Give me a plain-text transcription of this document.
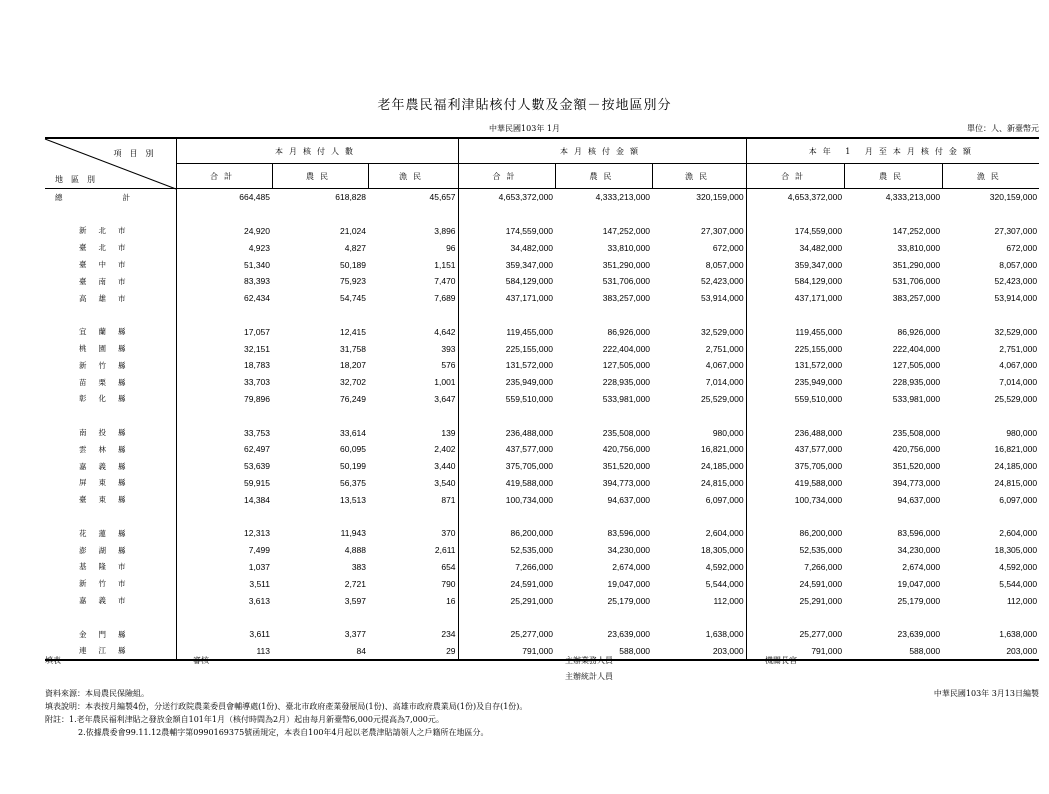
老年農民福利津貼核付人數及金額－按地區別分
中華民國103年 1月	單位：人、新臺幣元
項目別
地區別	本月核付人數			本月核付金額			本年 1 月至本月核付金額		
	合計	農民	漁民	合計	農民	漁民	合計	農民	漁民
總計	664,485	618,828	45,657	4,653,372,000	4,333,213,000	320,159,000	4,653,372,000	4,333,213,000	320,159,000

新北市	24,920	21,024	3,896	174,559,000	147,252,000	27,307,000	174,559,000	147,252,000	27,307,000
臺北市	4,923	4,827	96	34,482,000	33,810,000	672,000	34,482,000	33,810,000	672,000
臺中市	51,340	50,189	1,151	359,347,000	351,290,000	8,057,000	359,347,000	351,290,000	8,057,000
臺南市	83,393	75,923	7,470	584,129,000	531,706,000	52,423,000	584,129,000	531,706,000	52,423,000
高雄市	62,434	54,745	7,689	437,171,000	383,257,000	53,914,000	437,171,000	383,257,000	53,914,000

宜蘭縣	17,057	12,415	4,642	119,455,000	86,926,000	32,529,000	119,455,000	86,926,000	32,529,000
桃園縣	32,151	31,758	393	225,155,000	222,404,000	2,751,000	225,155,000	222,404,000	2,751,000
新竹縣	18,783	18,207	576	131,572,000	127,505,000	4,067,000	131,572,000	127,505,000	4,067,000
苗栗縣	33,703	32,702	1,001	235,949,000	228,935,000	7,014,000	235,949,000	228,935,000	7,014,000
彰化縣	79,896	76,249	3,647	559,510,000	533,981,000	25,529,000	559,510,000	533,981,000	25,529,000

南投縣	33,753	33,614	139	236,488,000	235,508,000	980,000	236,488,000	235,508,000	980,000
雲林縣	62,497	60,095	2,402	437,577,000	420,756,000	16,821,000	437,577,000	420,756,000	16,821,000
嘉義縣	53,639	50,199	3,440	375,705,000	351,520,000	24,185,000	375,705,000	351,520,000	24,185,000
屏東縣	59,915	56,375	3,540	419,588,000	394,773,000	24,815,000	419,588,000	394,773,000	24,815,000
臺東縣	14,384	13,513	871	100,734,000	94,637,000	6,097,000	100,734,000	94,637,000	6,097,000

花蓮縣	12,313	11,943	370	86,200,000	83,596,000	2,604,000	86,200,000	83,596,000	2,604,000
澎湖縣	7,499	4,888	2,611	52,535,000	34,230,000	18,305,000	52,535,000	34,230,000	18,305,000
基隆市	1,037	383	654	7,266,000	2,674,000	4,592,000	7,266,000	2,674,000	4,592,000
新竹市	3,511	2,721	790	24,591,000	19,047,000	5,544,000	24,591,000	19,047,000	5,544,000
嘉義市	3,613	3,597	16	25,291,000	25,179,000	112,000	25,291,000	25,179,000	112,000

金門縣	3,611	3,377	234	25,277,000	23,639,000	1,638,000	25,277,000	23,639,000	1,638,000
連江縣	113	84	29	791,000	588,000	203,000	791,000	588,000	203,000
填表	審核	主辦業務人員
主辦統計人員
機關長官
資料來源：本局農民保險組。	中華民國103年 3月13日編製
填表說明：本表按月編製4份，分送行政院農業委員會輔導處(1份)、臺北市政府產業發展局(1份)、高雄市政府農業局(1份)及自存(1份)。
附註：1.老年農民福利津貼之發放金額自101年1月（核付時間為2月）起由每月新臺幣6,000元提高為7,000元。
2.依據農委會99.11.12農輔字第0990169375號函規定，本表自100年4月起以老農津貼請領人之戶籍所在地區分。
